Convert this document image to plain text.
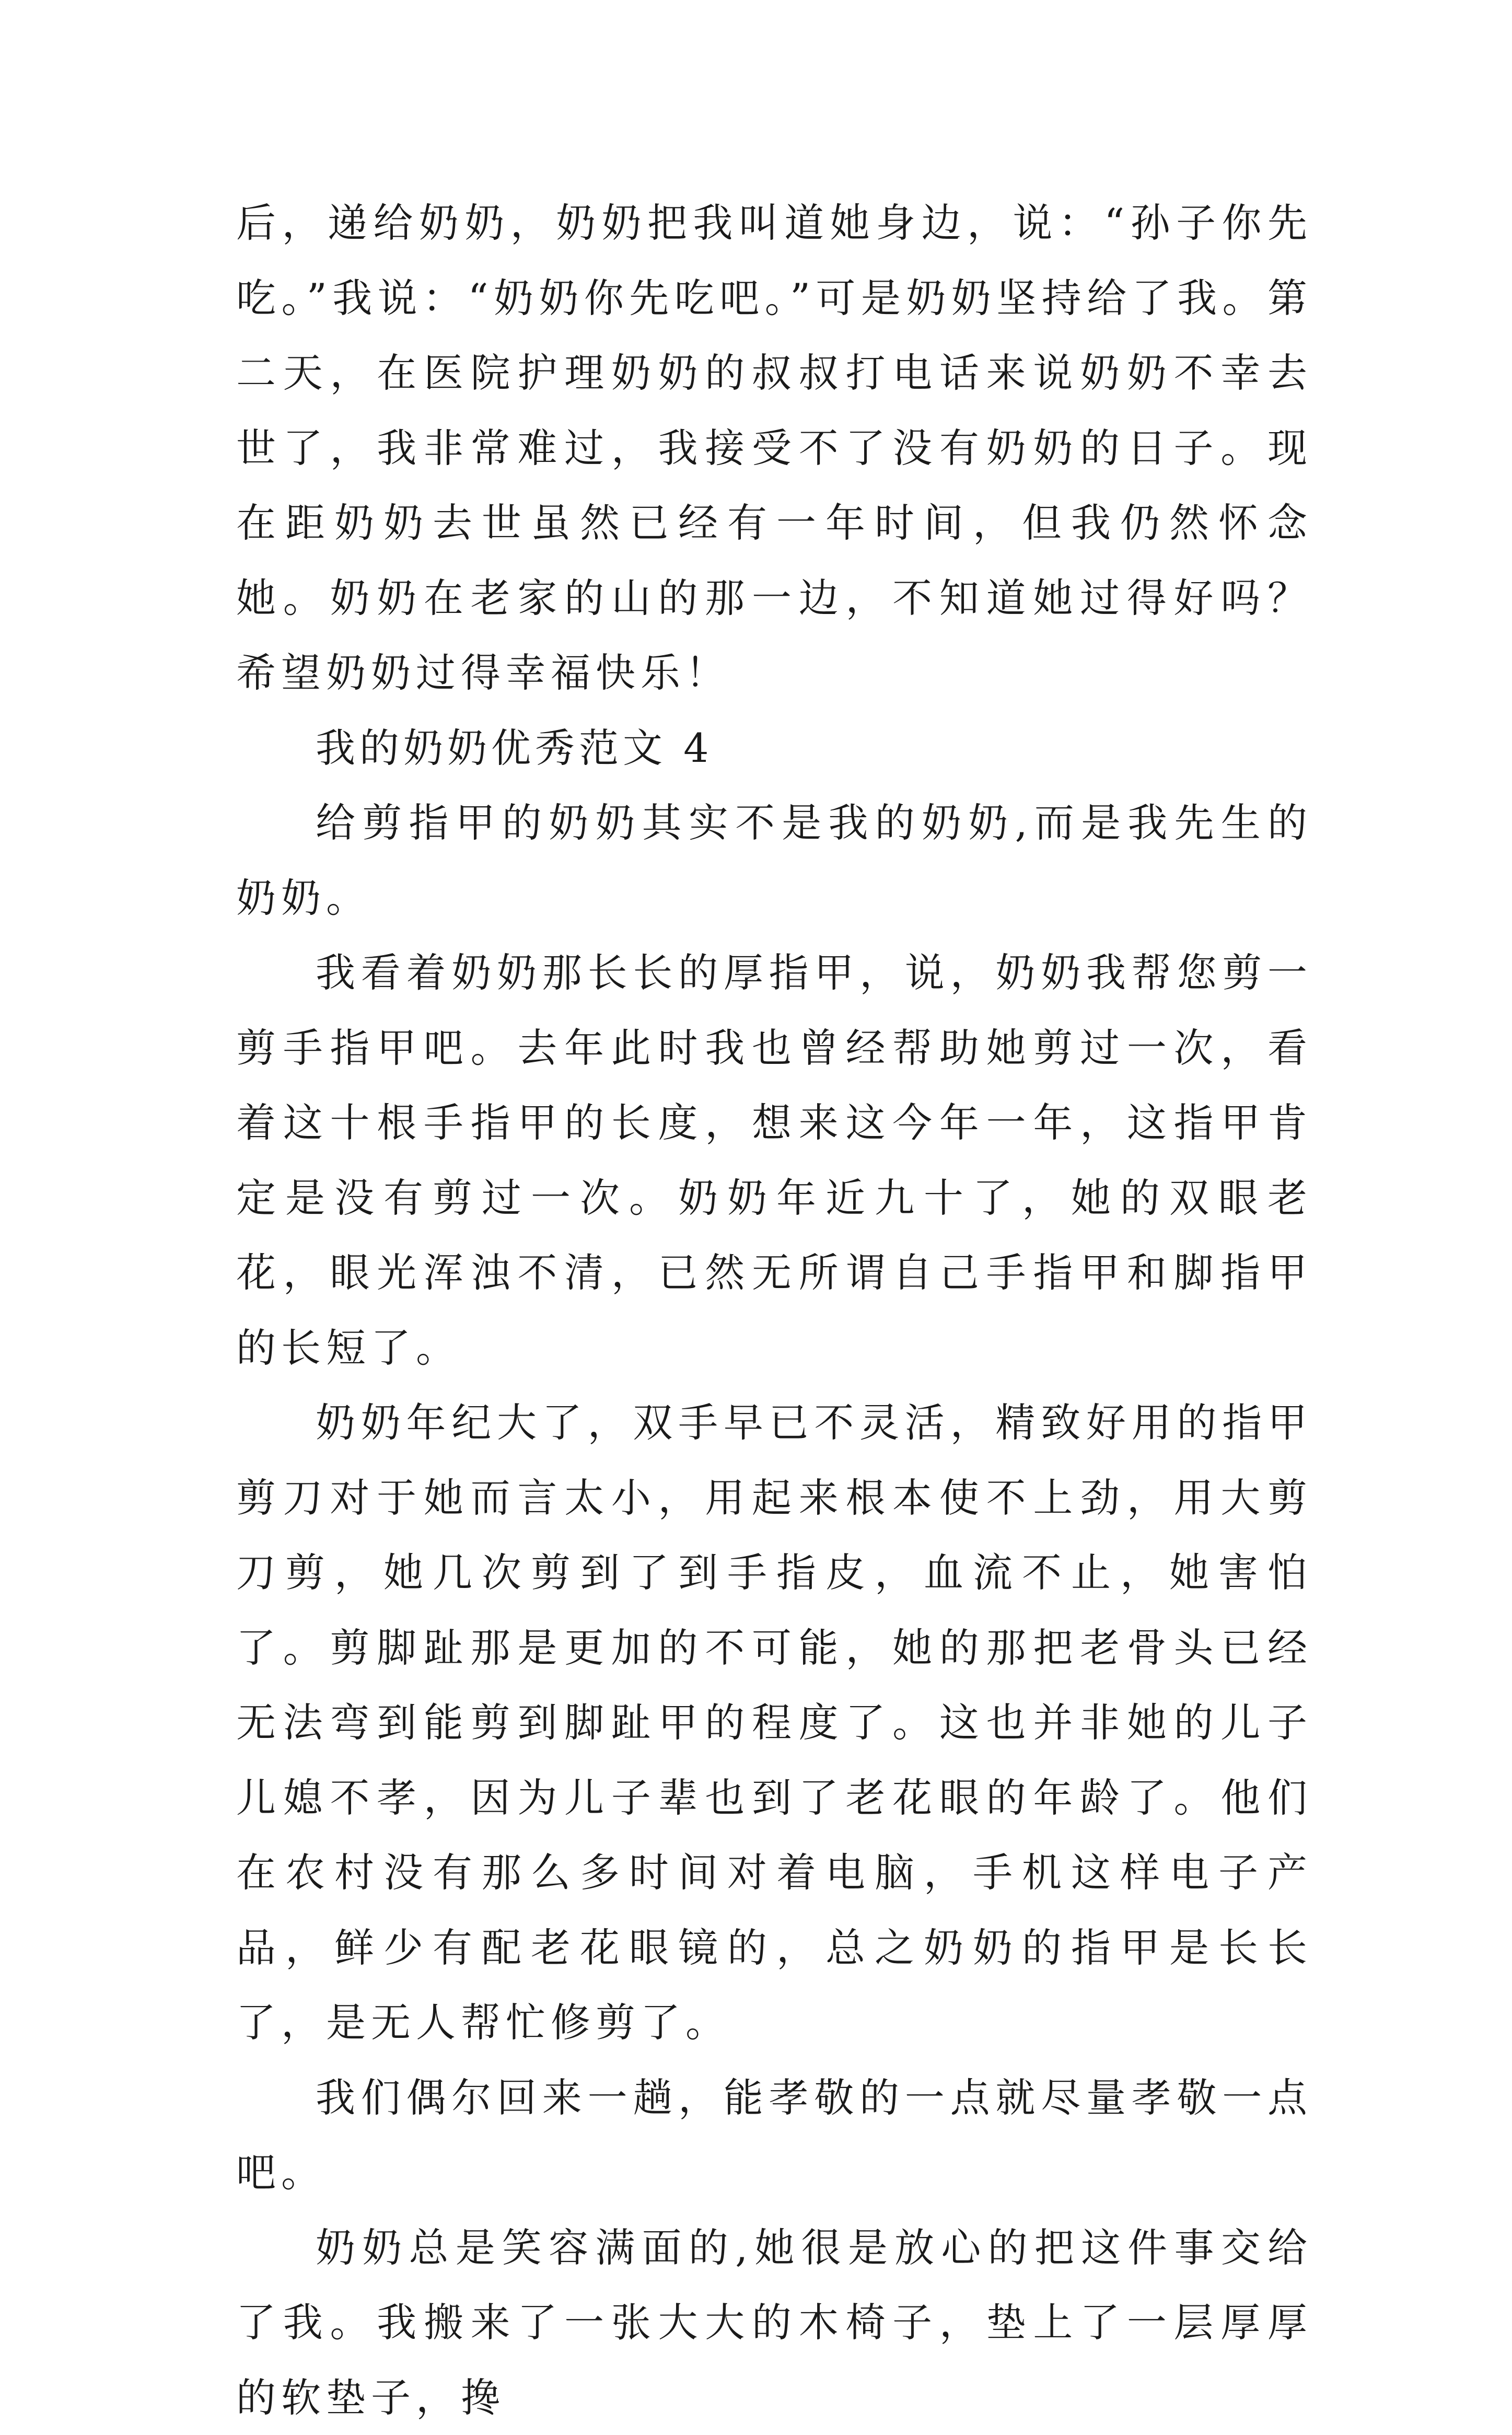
后，递给奶奶，奶奶把我叫道她身边，说：“孙子你先吃。”我说：“奶奶你先吃吧。”可是奶奶坚持给了我。第二天，在医院护理奶奶的叔叔打电话来说奶奶不幸去世了，我非常难过，我接受不了没有奶奶的日子。现在距奶奶去世虽然已经有一年时间，但我仍然怀念她。奶奶在老家的山的那一边，不知道她过得好吗？希望奶奶过得幸福快乐！

我的奶奶优秀范文 4

给剪指甲的奶奶其实不是我的奶奶,而是我先生的奶奶。

我看着奶奶那长长的厚指甲，说，奶奶我帮您剪一剪手指甲吧。去年此时我也曾经帮助她剪过一次，看着这十根手指甲的长度，想来这今年一年，这指甲肯定是没有剪过一次。奶奶年近九十了，她的双眼老花，眼光浑浊不清，已然无所谓自己手指甲和脚指甲的长短了。

奶奶年纪大了，双手早已不灵活，精致好用的指甲剪刀对于她而言太小，用起来根本使不上劲，用大剪刀剪，她几次剪到了到手指皮，血流不止，她害怕了。剪脚趾那是更加的不可能，她的那把老骨头已经无法弯到能剪到脚趾甲的程度了。这也并非她的儿子儿媳不孝，因为儿子辈也到了老花眼的年龄了。他们在农村没有那么多时间对着电脑，手机这样电子产品，鲜少有配老花眼镜的，总之奶奶的指甲是长长了，是无人帮忙修剪了。

我们偶尔回来一趟，能孝敬的一点就尽量孝敬一点吧。

奶奶总是笑容满面的,她很是放心的把这件事交给了我。我搬来了一张大大的木椅子，垫上了一层厚厚的软垫子，搀
